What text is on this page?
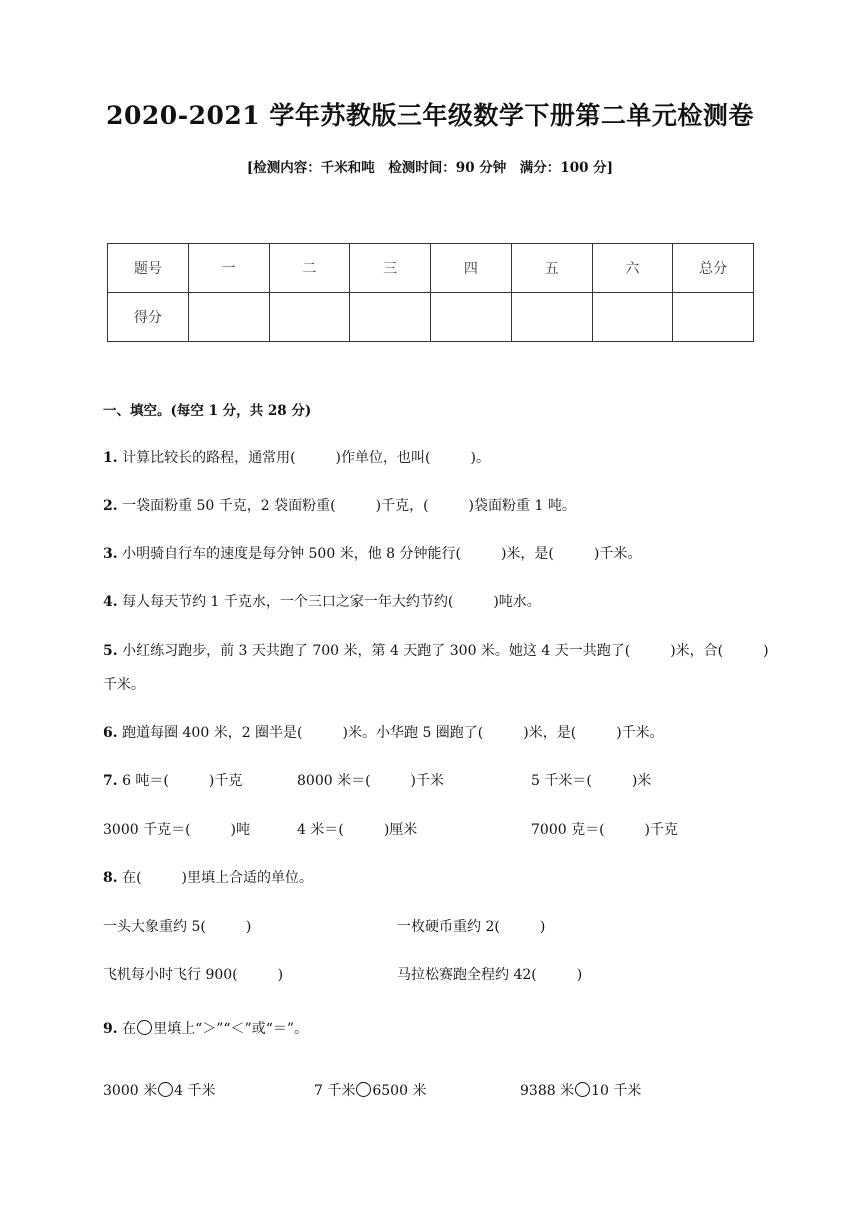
2020-2021 学年苏教版三年级数学下册第二单元检测卷
[检测内容：千米和吨　检测时间：90 分钟　满分：100 分]
题号	一	二	三	四	五	六	总分
得分							
一、填空。(每空 1 分，共 28 分)
1. 计算比较长的路程，通常用(	)作单位，也叫(	)。
2. 一袋面粉重 50 千克，2 袋面粉重(	)千克，(	)袋面粉重 1 吨。
3. 小明骑自行车的速度是每分钟 500 米，他 8 分钟能行(	)米，是(	)千米。
4. 每人每天节约 1 千克水，一个三口之家一年大约节约(	)吨水。
5. 小红练习跑步，前 3 天共跑了 700 米，第 4 天跑了 300 米。她这 4 天一共跑了(	)米，合(	)
千米。
6. 跑道每圈 400 米，2 圈半是(	)米。小华跑 5 圈跑了(	)米，是(	)千米。
7. 6 吨＝(	)千克	8000 米＝(	)千米	5 千米＝(	)米
3000 千克＝(	)吨	4 米＝(	)厘米	7000 克＝(	)千克
8. 在(	)里填上合适的单位。
一头大象重约 5(	)	一枚硬币重约 2(	)
飞机每小时飞行 900(	)	马拉松赛跑全程约 42(	)
9. 在 里填上“＞”“＜”或“＝”。
3000 米 4 千米	7 千米 6500 米	9388 米 10 千米
